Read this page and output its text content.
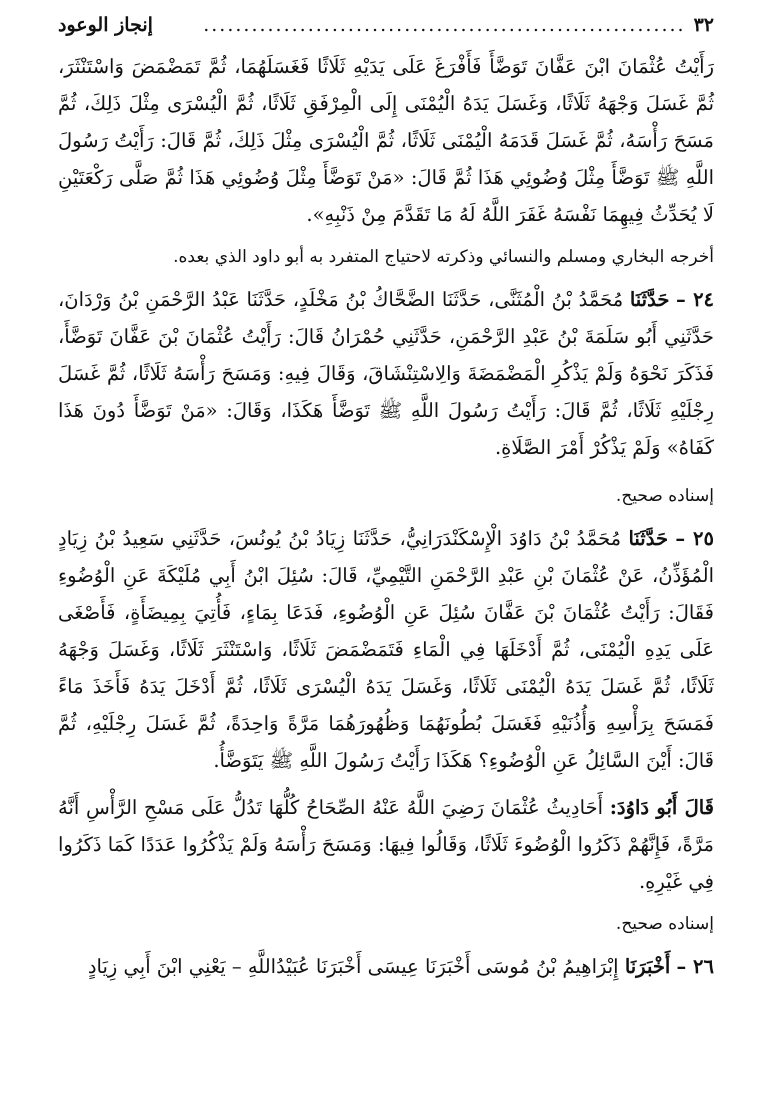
٣٢
............................................................
إنجاز الوعود

رَأَيْتُ عُثْمَانَ ابْنَ عَفَّانَ تَوَضَّأَ فَأَفْرَغَ عَلَى يَدَيْهِ ثَلَاثًا فَغَسَلَهُمَا، ثُمَّ تَمَضْمَضَ وَاسْتَنْثَرَ، ثُمَّ غَسَلَ وَجْهَهُ ثَلَاثًا، وَغَسَلَ يَدَهُ الْيُمْنَى إِلَى الْمِرْفَقِ ثَلَاثًا، ثُمَّ الْيُسْرَى مِثْلَ ذَلِكَ، ثُمَّ مَسَحَ رَأْسَهُ، ثُمَّ غَسَلَ قَدَمَهُ الْيُمْنَى ثَلَاثًا، ثُمَّ الْيُسْرَى مِثْلَ ذَلِكَ، ثُمَّ قَالَ: رَأَيْتُ رَسُولَ اللَّهِ ﷺ تَوَضَّأَ مِثْلَ وُضُوئِي هَذَا ثُمَّ قَالَ: «مَنْ تَوَضَّأَ مِثْلَ وُضُوئِي هَذَا ثُمَّ صَلَّى رَكْعَتَيْنِ لَا يُحَدِّثُ فِيهِمَا نَفْسَهُ غَفَرَ اللَّهُ لَهُ مَا تَقَدَّمَ مِنْ ذَنْبِهِ».

أخرجه البخاري ومسلم والنسائي وذكرته لاحتياج المتفرد به أبو داود الذي بعده.

٢٤ – حَدَّثَنَا مُحَمَّدُ بْنُ الْمُثَنَّى، حَدَّثَنَا الضَّحَّاكُ بْنُ مَخْلَدٍ، حَدَّثَنَا عَبْدُ الرَّحْمَنِ بْنُ وَرْدَانَ، حَدَّثَنِي أَبُو سَلَمَةَ بْنُ عَبْدِ الرَّحْمَنِ، حَدَّثَنِي حُمْرَانُ قَالَ: رَأَيْتُ عُثْمَانَ بْنَ عَفَّانَ تَوَضَّأَ، فَذَكَرَ نَحْوَهُ وَلَمْ يَذْكُرِ الْمَضْمَضَةَ وَالِاسْتِنْشَاقَ، وَقَالَ فِيهِ: وَمَسَحَ رَأْسَهُ ثَلَاثًا، ثُمَّ غَسَلَ رِجْلَيْهِ ثَلَاثًا، ثُمَّ قَالَ: رَأَيْتُ رَسُولَ اللَّهِ ﷺ تَوَضَّأَ هَكَذَا، وَقَالَ: «مَنْ تَوَضَّأَ دُونَ هَذَا كَفَاهُ» وَلَمْ يَذْكُرْ أَمْرَ الصَّلَاةِ.

إسناده صحيح.

٢٥ – حَدَّثَنَا مُحَمَّدُ بْنُ دَاوُدَ الْإِسْكَنْدَرَانِيُّ، حَدَّثَنَا زِيَادُ بْنُ يُونُسَ، حَدَّثَنِي سَعِيدُ بْنُ زِيَادٍ الْمُؤَذِّنُ، عَنْ عُثْمَانَ بْنِ عَبْدِ الرَّحْمَنِ التَّيْمِيِّ، قَالَ: سُئِلَ ابْنُ أَبِي مُلَيْكَةَ عَنِ الْوُضُوءِ فَقَالَ: رَأَيْتُ عُثْمَانَ بْنَ عَفَّانَ سُئِلَ عَنِ الْوُضُوءِ، فَدَعَا بِمَاءٍ، فَأُتِيَ بِمِيضَأَةٍ، فَأَصْغَى عَلَى يَدِهِ الْيُمْنَى، ثُمَّ أَدْخَلَهَا فِي الْمَاءِ فَتَمَضْمَضَ ثَلَاثًا، وَاسْتَنْثَرَ ثَلَاثًا، وَغَسَلَ وَجْهَهُ ثَلَاثًا، ثُمَّ غَسَلَ يَدَهُ الْيُمْنَى ثَلَاثًا، وَغَسَلَ يَدَهُ الْيُسْرَى ثَلَاثًا، ثُمَّ أَدْخَلَ يَدَهُ فَأَخَذَ مَاءً فَمَسَحَ بِرَأْسِهِ وَأُذُنَيْهِ فَغَسَلَ بُطُونَهُمَا وَظُهُورَهُمَا مَرَّةً وَاحِدَةً، ثُمَّ غَسَلَ رِجْلَيْهِ، ثُمَّ قَالَ: أَيْنَ السَّائِلُ عَنِ الْوُضُوءِ؟ هَكَذَا رَأَيْتُ رَسُولَ اللَّهِ ﷺ يَتَوَضَّأُ.

قَالَ أَبُو دَاوُدَ: أَحَادِيثُ عُثْمَانَ رَضِيَ اللَّهُ عَنْهُ الصِّحَاحُ كُلُّهَا تَدُلُّ عَلَى مَسْحِ الرَّأْسِ أَنَّهُ مَرَّةً، فَإِنَّهُمْ ذَكَرُوا الْوُضُوءَ ثَلَاثًا، وَقَالُوا فِيهَا: وَمَسَحَ رَأْسَهُ وَلَمْ يَذْكُرُوا عَدَدًا كَمَا ذَكَرُوا فِي غَيْرِهِ.

إسناده صحيح.

٢٦ – أَخْبَرَنَا إِبْرَاهِيمُ بْنُ مُوسَى أَخْبَرَنَا عِيسَى أَخْبَرَنَا عُبَيْدُاللَّهِ – يَعْنِي ابْنَ أَبِي زِيَادٍ
